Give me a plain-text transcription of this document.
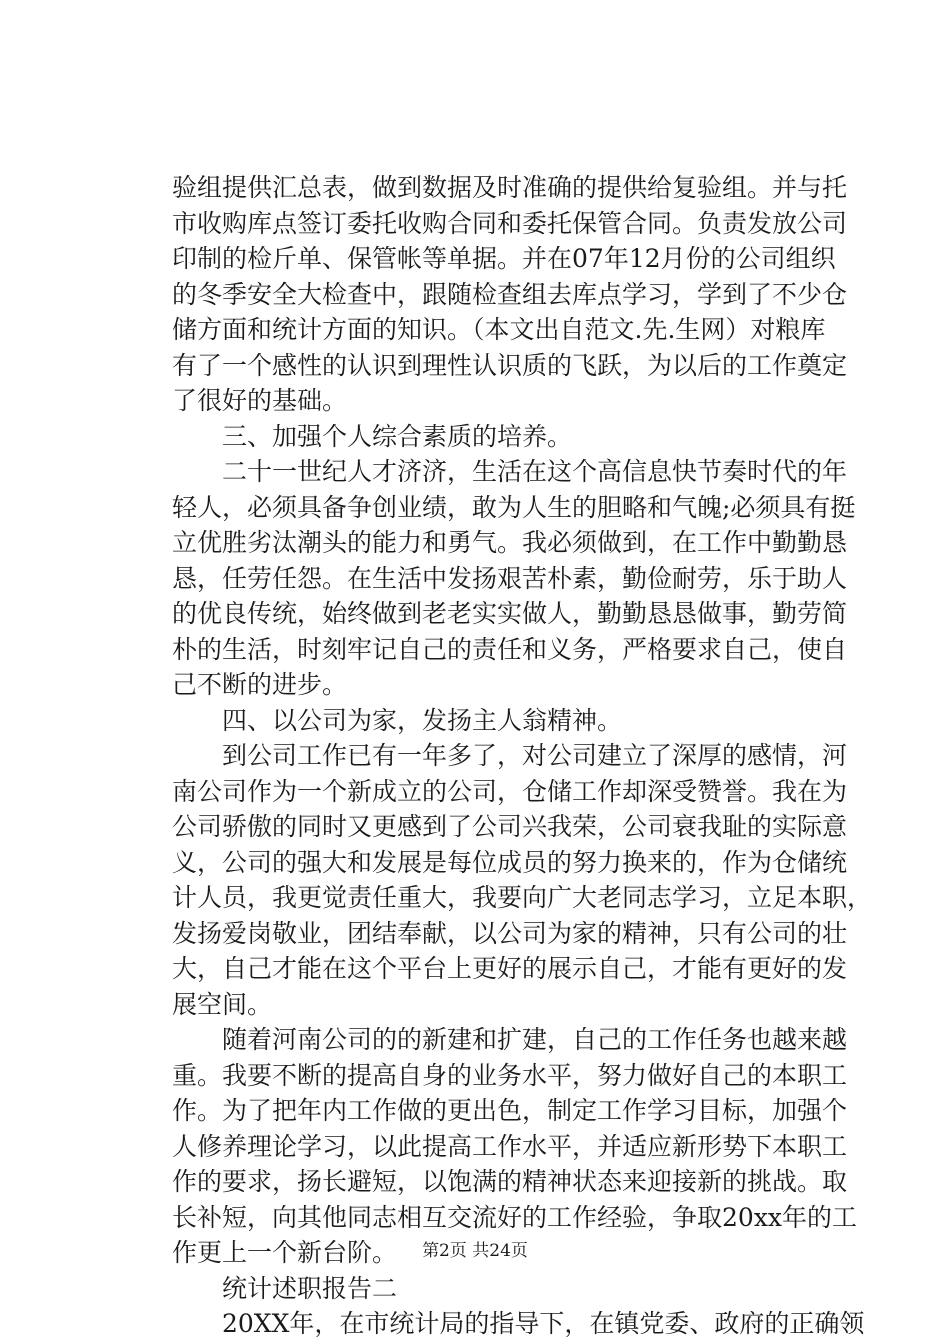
验组提供汇总表，做到数据及时准确的提供给复验组。并与托
市收购库点签订委托收购合同和委托保管合同。负责发放公司
印制的检斤单、保管帐等单据。并在07年12月份的公司组织
的冬季安全大检查中，跟随检查组去库点学习，学到了不少仓
储方面和统计方面的知识。（本文出自范文.先.生网）对粮库
有了一个感性的认识到理性认识质的飞跃，为以后的工作奠定
了很好的基础。
三、加强个人综合素质的培养。
二十一世纪人才济济，生活在这个高信息快节奏时代的年
轻人，必须具备争创业绩，敢为人生的胆略和气魄;必须具有挺
立优胜劣汰潮头的能力和勇气。我必须做到，在工作中勤勤恳
恳，任劳任怨。在生活中发扬艰苦朴素，勤俭耐劳，乐于助人
的优良传统，始终做到老老实实做人，勤勤恳恳做事，勤劳简
朴的生活，时刻牢记自己的责任和义务，严格要求自己，使自
己不断的进步。
四、以公司为家，发扬主人翁精神。
到公司工作已有一年多了，对公司建立了深厚的感情，河
南公司作为一个新成立的公司，仓储工作却深受赞誉。我在为
公司骄傲的同时又更感到了公司兴我荣，公司衰我耻的实际意
义，公司的强大和发展是每位成员的努力换来的，作为仓储统
计人员，我更觉责任重大，我要向广大老同志学习，立足本职，
发扬爱岗敬业，团结奉献，以公司为家的精神，只有公司的壮
大，自己才能在这个平台上更好的展示自己，才能有更好的发
展空间。
随着河南公司的的新建和扩建，自己的工作任务也越来越
重。我要不断的提高自身的业务水平，努力做好自己的本职工
作。为了把年内工作做的更出色，制定工作学习目标，加强个
人修养理论学习，以此提高工作水平，并适应新形势下本职工
作的要求，扬长避短，以饱满的精神状态来迎接新的挑战。取
长补短，向其他同志相互交流好的工作经验，争取20xx年的工
作更上一个新台阶。
统计述职报告二
20XX年，在市统计局的指导下，在镇党委、政府的正确领
第2页 共24页
